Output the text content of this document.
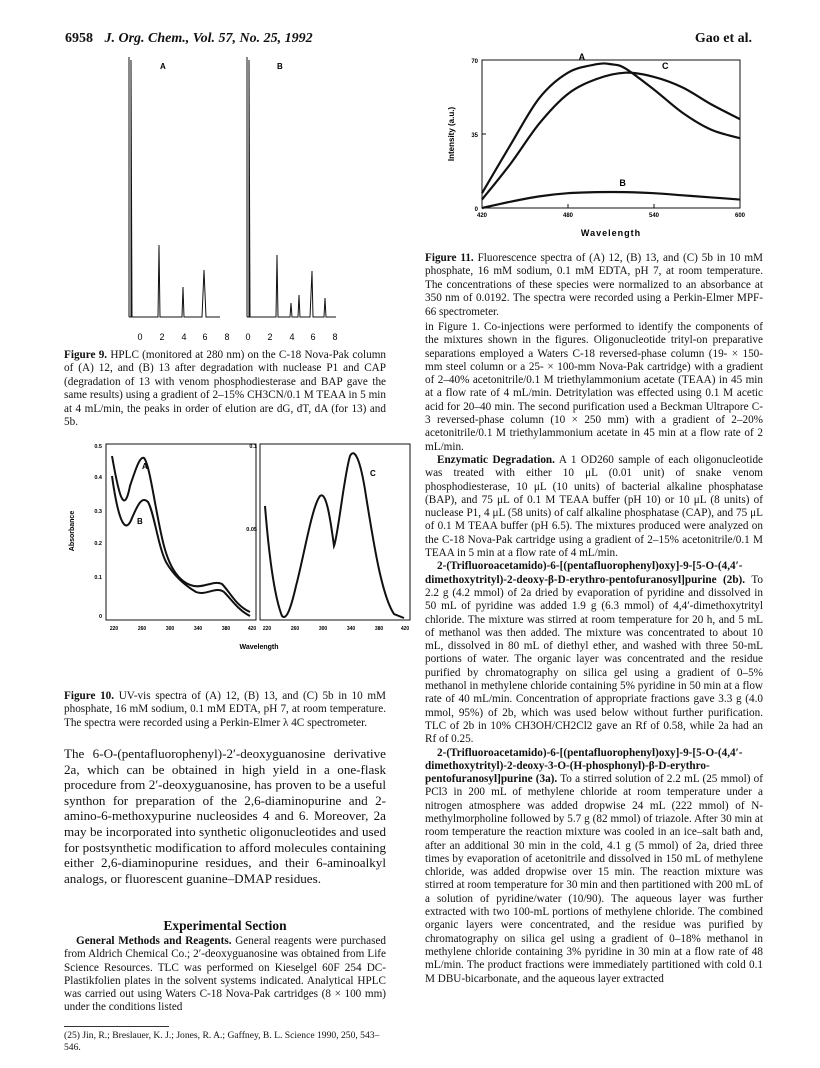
6958 J. Org. Chem., Vol. 57, No. 25, 1992	Gao et al.
A	B
0 2 4 6 8 0 2 4 6 8
Figure 9. HPLC (monitored at 280 nm) on the C-18 Nova-Pak column of (A) 12, and (B) 13 after degradation with nuclease P1 and CAP (degradation of 13 with venom phosphodiesterase and BAP gave the same results) using a gradient of 2–15% CH3CN/0.1 M TEAA in 5 min at 4 mL/min, the peaks in order of elution are dG, dT, dA (for 13) and 5b.
Absorbance
0.5
0.4
0.3
0.2
0.1
0
0.1
0.05
220	260	300	340	380	420 220	260	300	340	380	420
Wavelength
A
B
C
Figure 10. UV-vis spectra of (A) 12, (B) 13, and (C) 5b in 10 mM phosphate, 16 mM sodium, 0.1 mM EDTA, pH 7, at room temperature. The spectra were recorded using a Perkin-Elmer λ 4C spectrometer.

The 6-O-(pentafluorophenyl)-2′-deoxyguanosine derivative 2a, which can be obtained in high yield in a one-flask procedure from 2′-deoxyguanosine, has proven to be a useful synthon for preparation of the 2,6-diaminopurine and 2-amino-6-methoxypurine nucleosides 4 and 6. Moreover, 2a may be incorporated into synthetic oligonucleotides and used for postsynthetic modification to afford molecules containing either 2,6-diaminopurine residues, and their 6-aminoalkyl analogs, or fluorescent guanine–DMAP residues.

Experimental Section

General Methods and Reagents. General reagents were purchased from Aldrich Chemical Co.; 2′-deoxyguanosine was obtained from Life Science Resources. TLC was performed on Kieselgel 60F 254 DC-Plastikfolien plates in the solvent systems indicated. Analytical HPLC was carried out using Waters C-18 Nova-Pak cartridges (8 × 100 mm) under the conditions listed

(25) Jin, R.; Breslauer, K. J.; Jones, R. A.; Gaffney, B. L. Science 1990, 250, 543–546.
0
35
70
420	480	540	600
Intensity (a.u.)
Wavelength
A
B
C
Figure 11. Fluorescence spectra of (A) 12, (B) 13, and (C) 5b in 10 mM phosphate, 16 mM sodium, 0.1 mM EDTA, pH 7, at room temperature. The concentrations of these species were normalized to an absorbance at 350 nm of 0.0192. The spectra were recorded using a Perkin-Elmer MPF-66 spectrometer.

in Figure 1. Co-injections were performed to identify the components of the mixtures shown in the figures. Oligonucleotide trityl-on preparative separations employed a Waters C-18 reversed-phase column (19- × 150-mm steel column or a 25- × 100-mm Nova-Pak cartridge) with a gradient of 2–40% acetonitrile/0.1 M triethylammonium acetate (TEAA) in 45 min at a flow rate of 4 mL/min. Detritylation was effected using 0.1 M acetic acid for 20–40 min. The second purification used a Beckman Ultrapore C-3 reversed-phase column (10 × 250 mm) with a gradient of 2–20% acetonitrile/0.1 M triethylammonium acetate in 45 min at a flow rate of 2 mL/min.

Enzymatic Degradation. A 1 OD260 sample of each oligonucleotide was treated with either 10 μL (0.01 unit) of snake venom phosphodiesterase, 10 μL (10 units) of bacterial alkaline phosphatase (BAP), and 75 μL of 0.1 M TEAA buffer (pH 10) or 10 μL (8 units) of nuclease P1, 4 μL (58 units) of calf alkaline phosphatase (CAP), and 75 μL of 0.1 M TEAA buffer (pH 6.5). The mixtures produced were analyzed on the C-18 Nova-Pak cartridge using a gradient of 2–15% acetonitrile/0.1 M TEAA in 5 min at a flow rate of 4 mL/min.

2-(Trifluoroacetamido)-6-[(pentafluorophenyl)oxy]-9-[5-O-(4,4′-dimethoxytrityl)-2-deoxy-β-D-erythro-pentofuranosyl]purine (2b). To 2.2 g (4.2 mmol) of 2a dried by evaporation of pyridine and dissolved in 50 mL of pyridine was added 1.9 g (6.3 mmol) of 4,4′-dimethoxytrityl chloride. The mixture was stirred at room temperature for 20 h, and 5 mL of methanol was then added. The mixture was concentrated to about 10 mL, dissolved in 80 mL of diethyl ether, and washed with three 50-mL portions of water. The organic layer was concentrated and the residue purified by chromatography on silica gel using a gradient of 0–5% methanol in methylene chloride containing 5% pyridine in 50 min at a flow rate of 40 mL/min. Concentration of appropriate fractions gave 3.3 g (4.0 mmol, 95%) of 2b, which was used below without further purification. TLC of 2b in 10% CH3OH/CH2Cl2 gave an Rf of 0.58, while 2a had an Rf of 0.25.

2-(Trifluoroacetamido)-6-[(pentafluorophenyl)oxy]-9-[5-O-(4,4′-dimethoxytrityl)-2-deoxy-3-O-(H-phosphonyl)-β-D-erythro-pentofuranosyl]purine (3a). To a stirred solution of 2.2 mL (25 mmol) of PCl3 in 200 mL of methylene chloride at room temperature under a nitrogen atmosphere was added dropwise 24 mL (222 mmol) of N-methylmorpholine followed by 5.7 g (82 mmol) of triazole. After 30 min at room temperature the reaction mixture was cooled in an ice–salt bath and, after an additional 30 min in the cold, 4.1 g (5 mmol) of 2a, dried three times by evaporation of acetonitrile and dissolved in 150 mL of methylene chloride, was added dropwise over 15 min. The reaction mixture was stirred at room temperature for 30 min and then partitioned with 200 mL of a solution of pyridine/water (10/90). The aqueous layer was further extracted with two 100-mL portions of methylene chloride. The combined organic layers were concentrated, and the residue was purified by chromatography on silica gel using a gradient of 0–18% methanol in methylene chloride containing 3% pyridine in 30 min at a flow rate of 48 mL/min. The product fractions were immediately partitioned with cold 0.1 M DBU-bicarbonate, and the aqueous layer extracted
